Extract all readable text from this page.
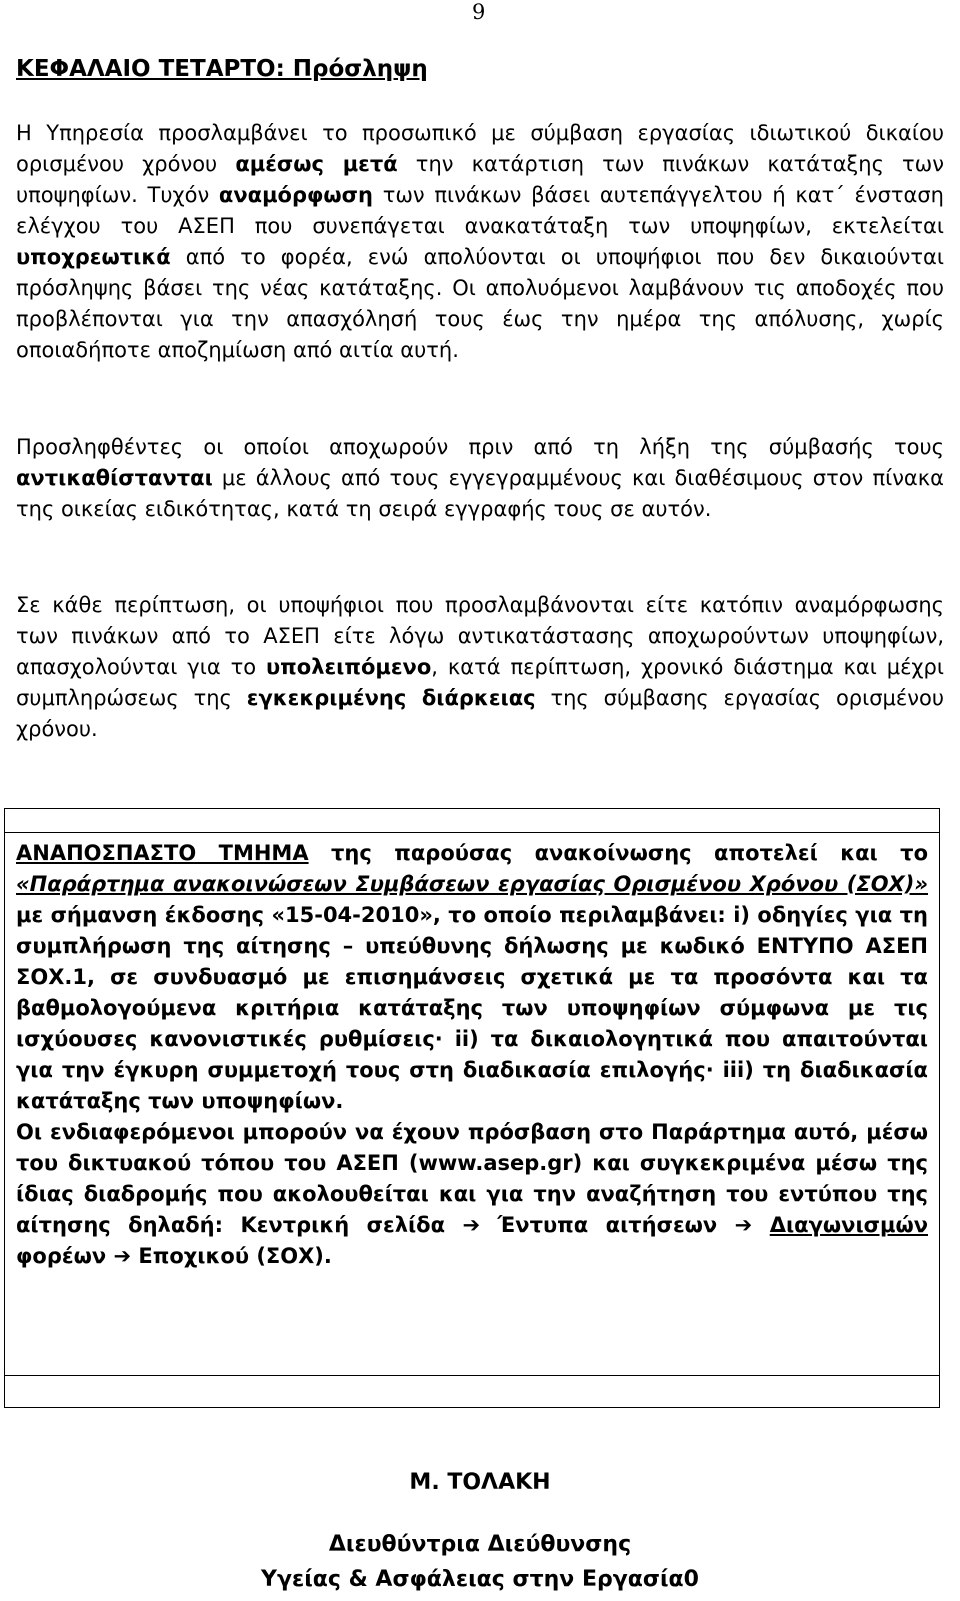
9
ΚΕΦΑΛΑΙΟ ΤΕΤΑΡΤΟ: Πρόσληψη

Η Υπηρεσία προσλαμβάνει το προσωπικό με σύμβαση εργασίας ιδιωτικού δικαίου ορισμένου χρόνου αμέσως μετά την κατάρτιση των πινάκων κατάταξης των υποψηφίων. Τυχόν αναμόρφωση των πινάκων βάσει αυτεπάγγελτου ή κατ΄ ένσταση ελέγχου του ΑΣΕΠ που συνεπάγεται ανακατάταξη των υποψηφίων, εκτελείται υποχρεωτικά από το φορέα, ενώ απολύονται οι υποψήφιοι που δεν δικαιούνται πρόσληψης βάσει της νέας κατάταξης. Οι απολυόμενοι λαμβάνουν τις αποδοχές που προβλέπονται για την απασχόλησή τους έως την ημέρα της απόλυσης, χωρίς οποιαδήποτε αποζημίωση από αιτία αυτή.

Προσληφθέντες οι οποίοι αποχωρούν πριν από τη λήξη της σύμβασής τους αντικαθίστανται με άλλους από τους εγγεγραμμένους και διαθέσιμους στον πίνακα της οικείας ειδικότητας, κατά τη σειρά εγγραφής τους σε αυτόν.

Σε κάθε περίπτωση, οι υποψήφιοι που προσλαμβάνονται είτε κατόπιν αναμόρφωσης των πινάκων από το ΑΣΕΠ είτε λόγω αντικατάστασης αποχωρούντων υποψηφίων, απασχολούνται για το υπολειπόμενο, κατά περίπτωση, χρονικό διάστημα και μέχρι συμπληρώσεως της εγκεκριμένης διάρκειας της σύμβασης εργασίας ορισμένου χρόνου.

ΑΝΑΠΟΣΠΑΣΤΟ ΤΜΗΜΑ της παρούσας ανακοίνωσης αποτελεί και το «Παράρτημα ανακοινώσεων Συμβάσεων εργασίας Ορισμένου Χρόνου (ΣΟΧ)» με σήμανση έκδοσης «15-04-2010», το οποίο περιλαμβάνει: i) οδηγίες για τη συμπλήρωση της αίτησης – υπεύθυνης δήλωσης με κωδικό ΕΝΤΥΠΟ ΑΣΕΠ ΣΟΧ.1, σε συνδυασμό με επισημάνσεις σχετικά με τα προσόντα και τα βαθμολογούμενα κριτήρια κατάταξης των υποψηφίων σύμφωνα με τις ισχύουσες κανονιστικές ρυθμίσεις· ii) τα δικαιολογητικά που απαιτούνται για την έγκυρη συμμετοχή τους στη διαδικασία επιλογής· iii) τη διαδικασία κατάταξης των υποψηφίων.
Οι ενδιαφερόμενοι μπορούν να έχουν πρόσβαση στο Παράρτημα αυτό, μέσω του δικτυακού τόπου του ΑΣΕΠ (www.asep.gr) και συγκεκριμένα μέσω της ίδιας διαδρομής που ακολουθείται και για την αναζήτηση του εντύπου της αίτησης δηλαδή: Κεντρική σελίδα ➔ Έντυπα αιτήσεων ➔ Διαγωνισμών φορέων ➔ Εποχικού (ΣΟΧ).

Μ. ΤΟΛΑΚΗ

Διευθύντρια Διεύθυνσης

Υγείας & Ασφάλειας στην Εργασία0
